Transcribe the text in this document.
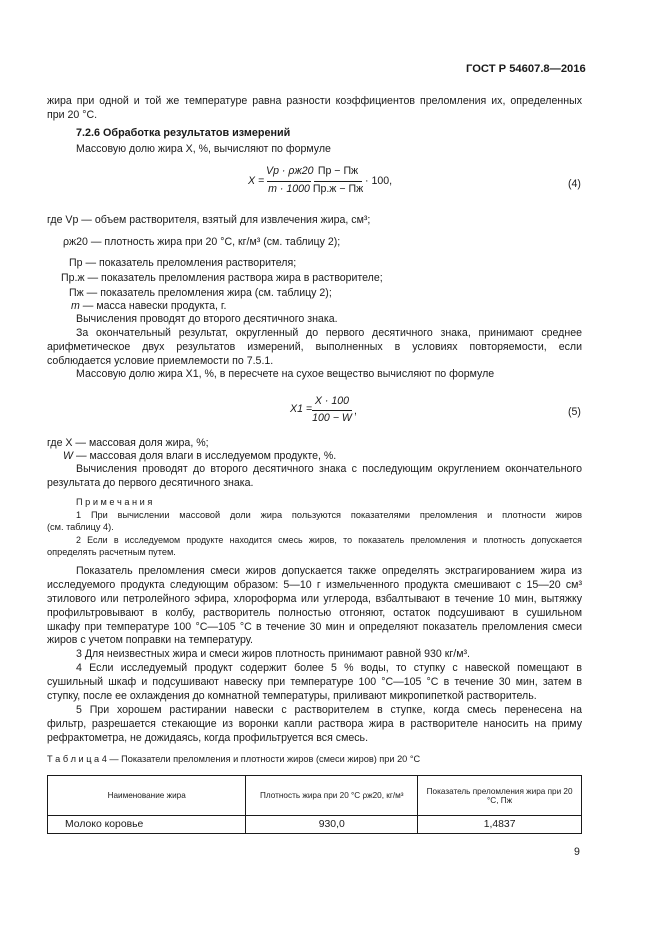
ГОСТ Р 54607.8—2016
жира при одной и той же температуре равна разности коэффициентов преломления их, определенных
при 20 °С.
7.2.6 Обработка результатов измерений
Массовую долю жира X, %, вычисляют по формуле
X =
Vр · ρж20
m · 1000
Пр − Пж
Пр.ж − Пж
· 100,	(4)
где Vр — объем растворителя, взятый для извлечения жира, см³;
ρж20 — плотность жира при 20 °С, кг/м³ (см. таблицу 2);
Пр — показатель преломления растворителя;
Пр.ж — показатель преломления раствора жира в растворителе;
Пж — показатель преломления жира (см. таблицу 2);
m — масса навески продукта, г.
Вычисления проводят до второго десятичного знака.
За окончательный результат, округленный до первого десятичного знака, принимают среднее
арифметическое двух результатов измерений, выполненных в условиях повторяемости, если
соблюдается условие приемлемости по 7.5.1.
Массовую долю жира X1, %, в пересчете на сухое вещество вычисляют по формуле
X1 =
X · 100
100 − W
,	(5)
где X — массовая доля жира, %;
W — массовая доля влаги в исследуемом продукте, %.
Вычисления проводят до второго десятичного знака с последующим округлением окончательного
результата до первого десятичного знака.
П р и м е ч а н и я
1 При вычислении массовой доли жира пользуются показателями преломления и плотности жиров
(см. таблицу 4).
2 Если в исследуемом продукте находится смесь жиров, то показатель преломления и плотность допускается
определять расчетным путем.
Показатель преломления смеси жиров допускается также определять экстрагированием жира из
исследуемого продукта следующим образом: 5—10 г измельченного продукта смешивают с 15—20 см³
этилового или петролейного эфира, хлороформа или углерода, взбалтывают в течение 10 мин, вытяжку
профильтровывают в колбу, растворитель полностью отгоняют, остаток подсушивают в сушильном
шкафу при температуре 100 °С—105 °С в течение 30 мин и определяют показатель преломления смеси
жиров с учетом поправки на температуру.
3 Для неизвестных жира и смеси жиров плотность принимают равной 930 кг/м³.
4 Если исследуемый продукт содержит более 5 % воды, то ступку с навеской помещают в
сушильный шкаф и подсушивают навеску при температуре 100 °С—105 °С в течение 30 мин, затем в
ступку, после ее охлаждения до комнатной температуры, приливают микропипеткой растворитель.
5 При хорошем растирании навески с растворителем в ступке, когда смесь перенесена на
фильтр, разрешается стекающие из воронки капли раствора жира в растворителе наносить на приму
рефрактометра, не дожидаясь, когда профильтруется вся смесь.
Т а б л и ц а 4 — Показатели преломления и плотности жиров (смеси жиров) при 20 °С
Наименование жира	Плотность жира при 20 °С ρж20, кг/м³	Показатель преломления жира при 20 °С, Пж
Молоко коровье	930,0	1,4837
9
